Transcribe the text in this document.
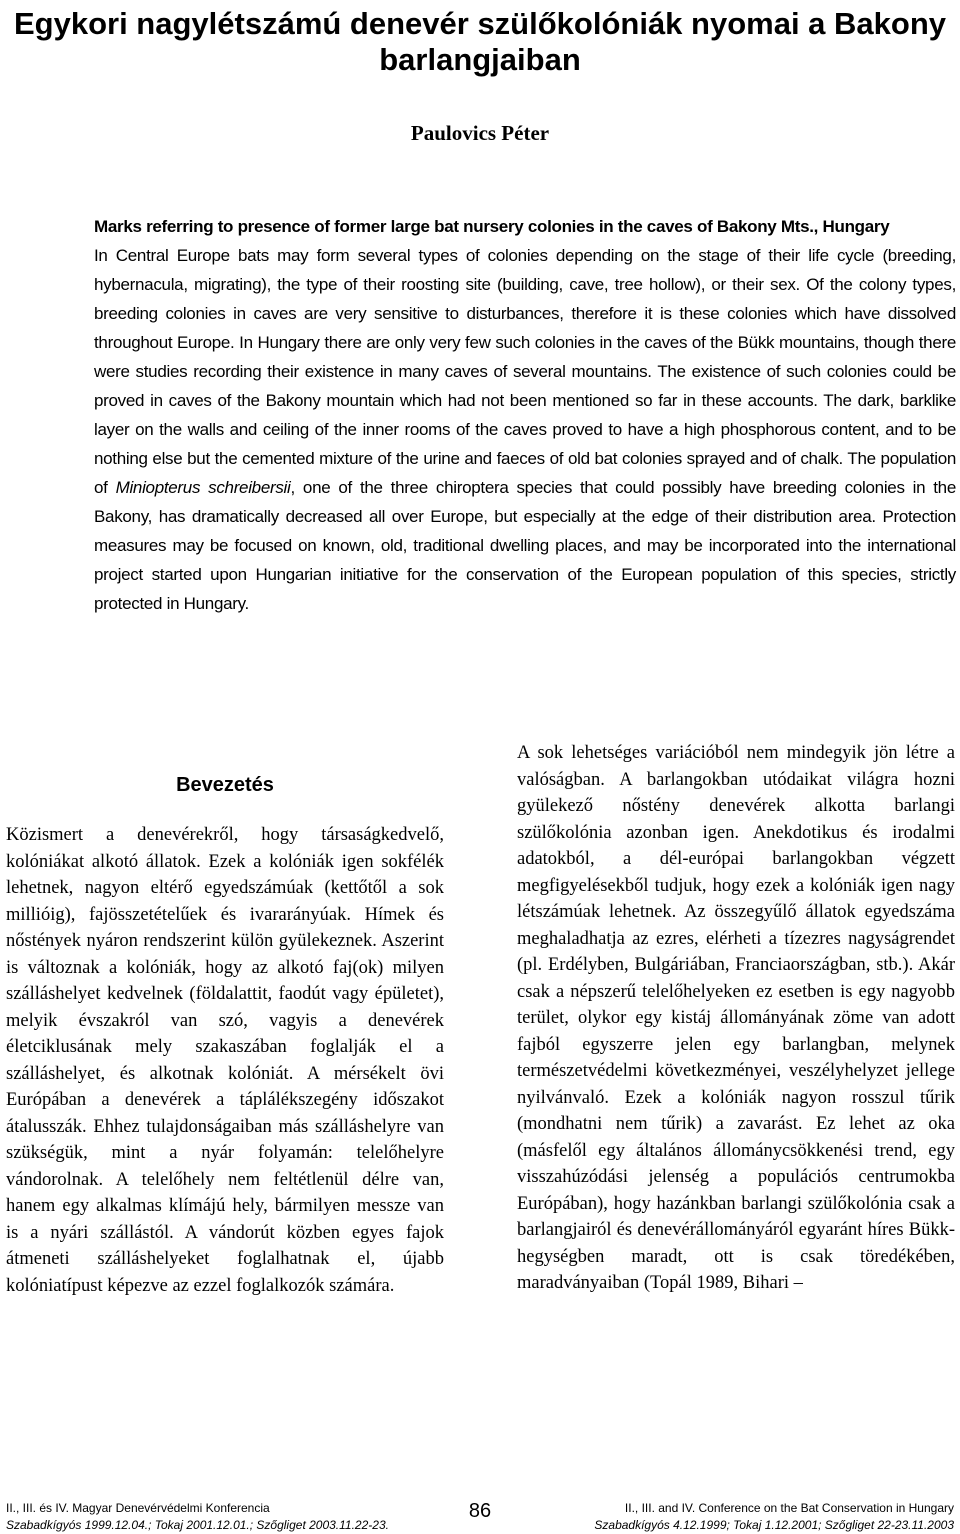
Egykori nagylétszámú denevér szülőkolóniák nyomai a Bakony barlangjaiban
Paulovics Péter
Marks referring to presence of former large bat nursery colonies in the caves of Bakony Mts., Hungary
In Central Europe bats may form several types of colonies depending on the stage of their life cycle (breeding, hybernacula, migrating), the type of their roosting site (building, cave, tree hollow), or their sex. Of the colony types, breeding colonies in caves are very sensitive to disturbances, therefore it is these colonies which have dissolved throughout Europe. In Hungary there are only very few such colonies in the caves of the Bükk mountains, though there were studies recording their existence in many caves of several mountains. The existence of such colonies could be proved in caves of the Bakony mountain which had not been mentioned so far in these accounts. The dark, barklike layer on the walls and ceiling of the inner rooms of the caves proved to have a high phosphorous content, and to be nothing else but the cemented mixture of the urine and faeces of old bat colonies sprayed and of chalk. The population of Miniopterus schreibersii, one of the three chiroptera species that could possibly have breeding colonies in the Bakony, has dramatically decreased all over Europe, but especially at the edge of their distribution area. Protection measures may be focused on known, old, traditional dwelling places, and may be incorporated into the international project started upon Hungarian initiative for the conservation of the European population of this species, strictly protected in Hungary.
Bevezetés
Közismert a denevérekről, hogy társaságkedvelő, kolóniákat alkotó állatok. Ezek a kolóniák igen sokfélék lehetnek, nagyon eltérő egyedszámúak (kettőtől a sok millióig), fajösszetételűek és ivararányúak. Hímek és nőstények nyáron rendszerint külön gyülekeznek. Aszerint is változnak a kolóniák, hogy az alkotó faj(ok) milyen szálláshelyet kedvelnek (földalattit, faodút vagy épületet), melyik évszakról van szó, vagyis a denevérek életciklusának mely szakaszában foglalják el a szálláshelyet, és alkotnak kolóniát. A mérsékelt övi Európában a denevérek a táplálékszegény időszakot átalusszák. Ehhez tulajdonságaiban más szálláshelyre van szükségük, mint a nyár folyamán: telelőhelyre vándorolnak. A telelőhely nem feltétlenül délre van, hanem egy alkalmas klímájú hely, bármilyen messze van is a nyári szállástól. A vándorút közben egyes fajok átmeneti szálláshelyeket foglalhatnak el, újabb kolóniatípust képezve az ezzel foglalkozók számára.
A sok lehetséges variációból nem mindegyik jön létre a valóságban. A barlangokban utódaikat világra hozni gyülekező nőstény denevérek alkotta barlangi szülőkolónia azonban igen. Anekdotikus és irodalmi adatokból, a dél-európai barlangokban végzett megfigyelésekből tudjuk, hogy ezek a kolóniák igen nagy létszámúak lehetnek. Az összegyűlő állatok egyedszáma meghaladhatja az ezres, elérheti a tízezres nagyságrendet (pl. Erdélyben, Bulgáriában, Franciaországban, stb.). Akár csak a népszerű telelőhelyeken ez esetben is egy nagyobb terület, olykor egy kistáj állományának zöme van adott fajból egyszerre jelen egy barlangban, melynek természetvédelmi következményei, veszélyhelyzet jellege nyilvánvaló. Ezek a kolóniák nagyon rosszul tűrik (mondhatni nem tűrik) a zavarást. Ez lehet az oka (másfelől egy általános állománycsökkenési trend, egy visszahúzódási jelenség a populációs centrumokba Európában), hogy hazánkban barlangi szülőkolónia csak a barlangjairól és denevérállományáról egyaránt híres Bükkhegységben maradt, ott is csak töredékében, maradványaiban (Topál 1989, Bihari –
II., III. és IV. Magyar Denevérvédelmi Konferencia
Szabadkígyós 1999.12.04.; Tokaj 2001.12.01.; Szőgliget 2003.11.22-23.
86	II., III. and IV. Conference on the Bat Conservation in Hungary
Szabadkígyós 4.12.1999; Tokaj 1.12.2001; Szőgliget 22-23.11.2003
